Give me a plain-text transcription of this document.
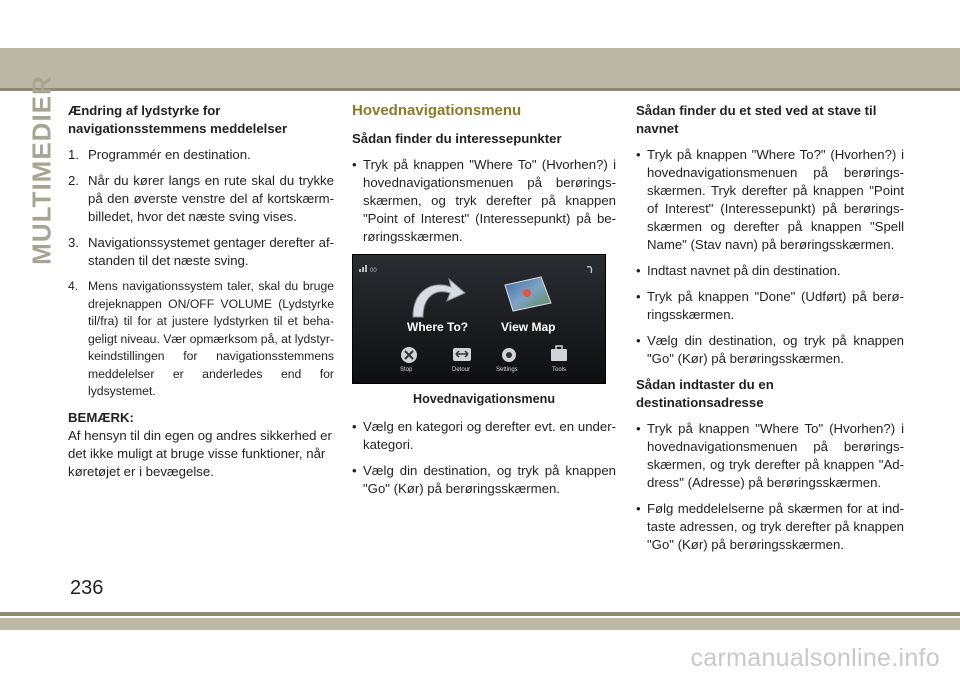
MULTIMEDIER Ændring af lydstyrke for navigationsstemmens meddelelser
1. Programmér en destination.
2. Når du kører langs en rute skal du trykke på den øverste venstre del af kortskærm-billedet, hvor det næste sving vises.
3. Navigationssystemet gentager derefter af-standen til det næste sving.
4. Mens navigationssystem taler, skal du bruge drejeknappen ON/OFF VOLUME (Lydstyrke til/fra) til for at justere lydstyrken til et beha-geligt niveau. Vær opmærksom på, at lydstyr-keindstillingen for navigationsstemmens meddelelser er anderledes end for lydsystemet.
BEMÆRK:

Af hensyn til din egen og andres sikkerhed er det ikke muligt at bruge visse funktioner, når køretøjet er i bevægelse.

Hovednavigationsmenu
Sådan finder du interessepunkter
• Tryk på knappen "Where To" (Hvorhen?) i hovednavigationsmenuen på berørings-skærmen, og tryk derefter på knappen "Point of Interest" (Interessepunkt) på be-røringsskærmen.
00
Where To?	View Map
Stop	Detour	Settings	Tools
Hovednavigationsmenu
• Vælg en kategori og derefter evt. en under-kategori.
• Vælg din destination, og tryk på knappen "Go" (Kør) på berøringsskærmen.
Sådan finder du et sted ved at stave til navnet
• Tryk på knappen "Where To?" (Hvorhen?) i hovednavigationsmenuen på berørings-skærmen. Tryk derefter på knappen "Point of Interest" (Interessepunkt) på berørings-skærmen og derefter på knappen "Spell Name" (Stav navn) på berøringsskærmen.
• Indtast navnet på din destination.
• Tryk på knappen "Done" (Udført) på berø-ringsskærmen.
• Vælg din destination, og tryk på knappen "Go" (Kør) på berøringsskærmen.
Sådan indtaster du en destinationsadresse
• Tryk på knappen "Where To" (Hvorhen?) i hovednavigationsmenuen på berørings-skærmen, og tryk derefter på knappen "Ad-dress" (Adresse) på berøringsskærmen.
• Følg meddelelserne på skærmen for at ind-taste adressen, og tryk derefter på knappen "Go" (Kør) på berøringsskærmen.
236
carmanualsonline.info
